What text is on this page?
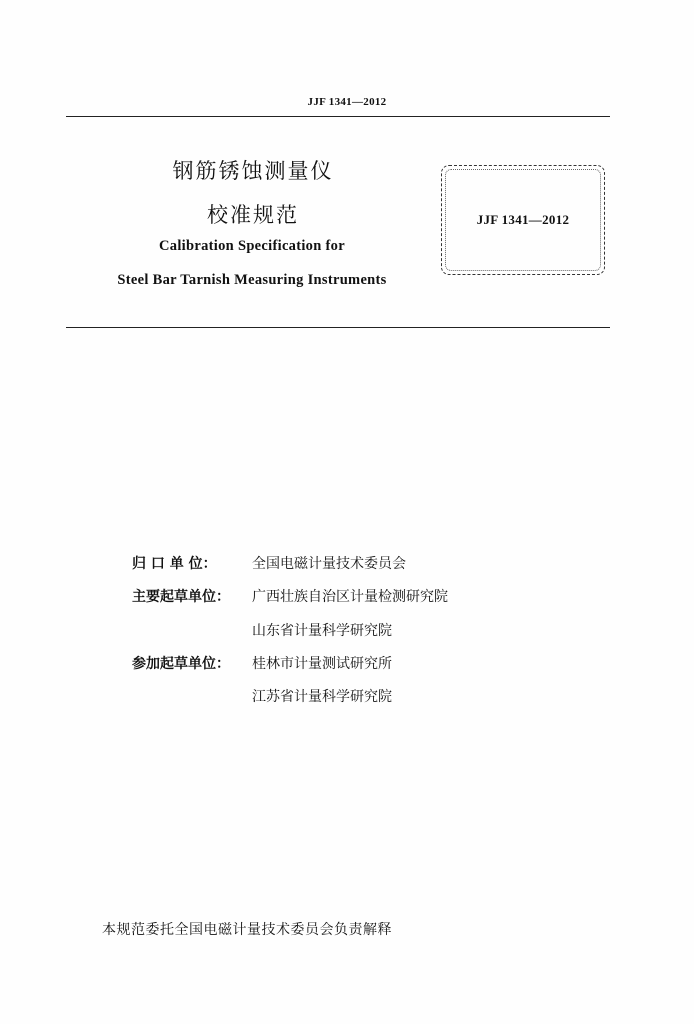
JJF 1341—2012
钢筋锈蚀测量仪
校准规范
Calibration Specification for
Steel Bar Tarnish Measuring Instruments
JJF 1341—2012
归 口 单 位：	全国电磁计量技术委员会
主要起草单位： 广西壮族自治区计量检测研究院
山东省计量科学研究院
参加起草单位： 桂林市计量测试研究所
江苏省计量科学研究院
本规范委托全国电磁计量技术委员会负责解释
